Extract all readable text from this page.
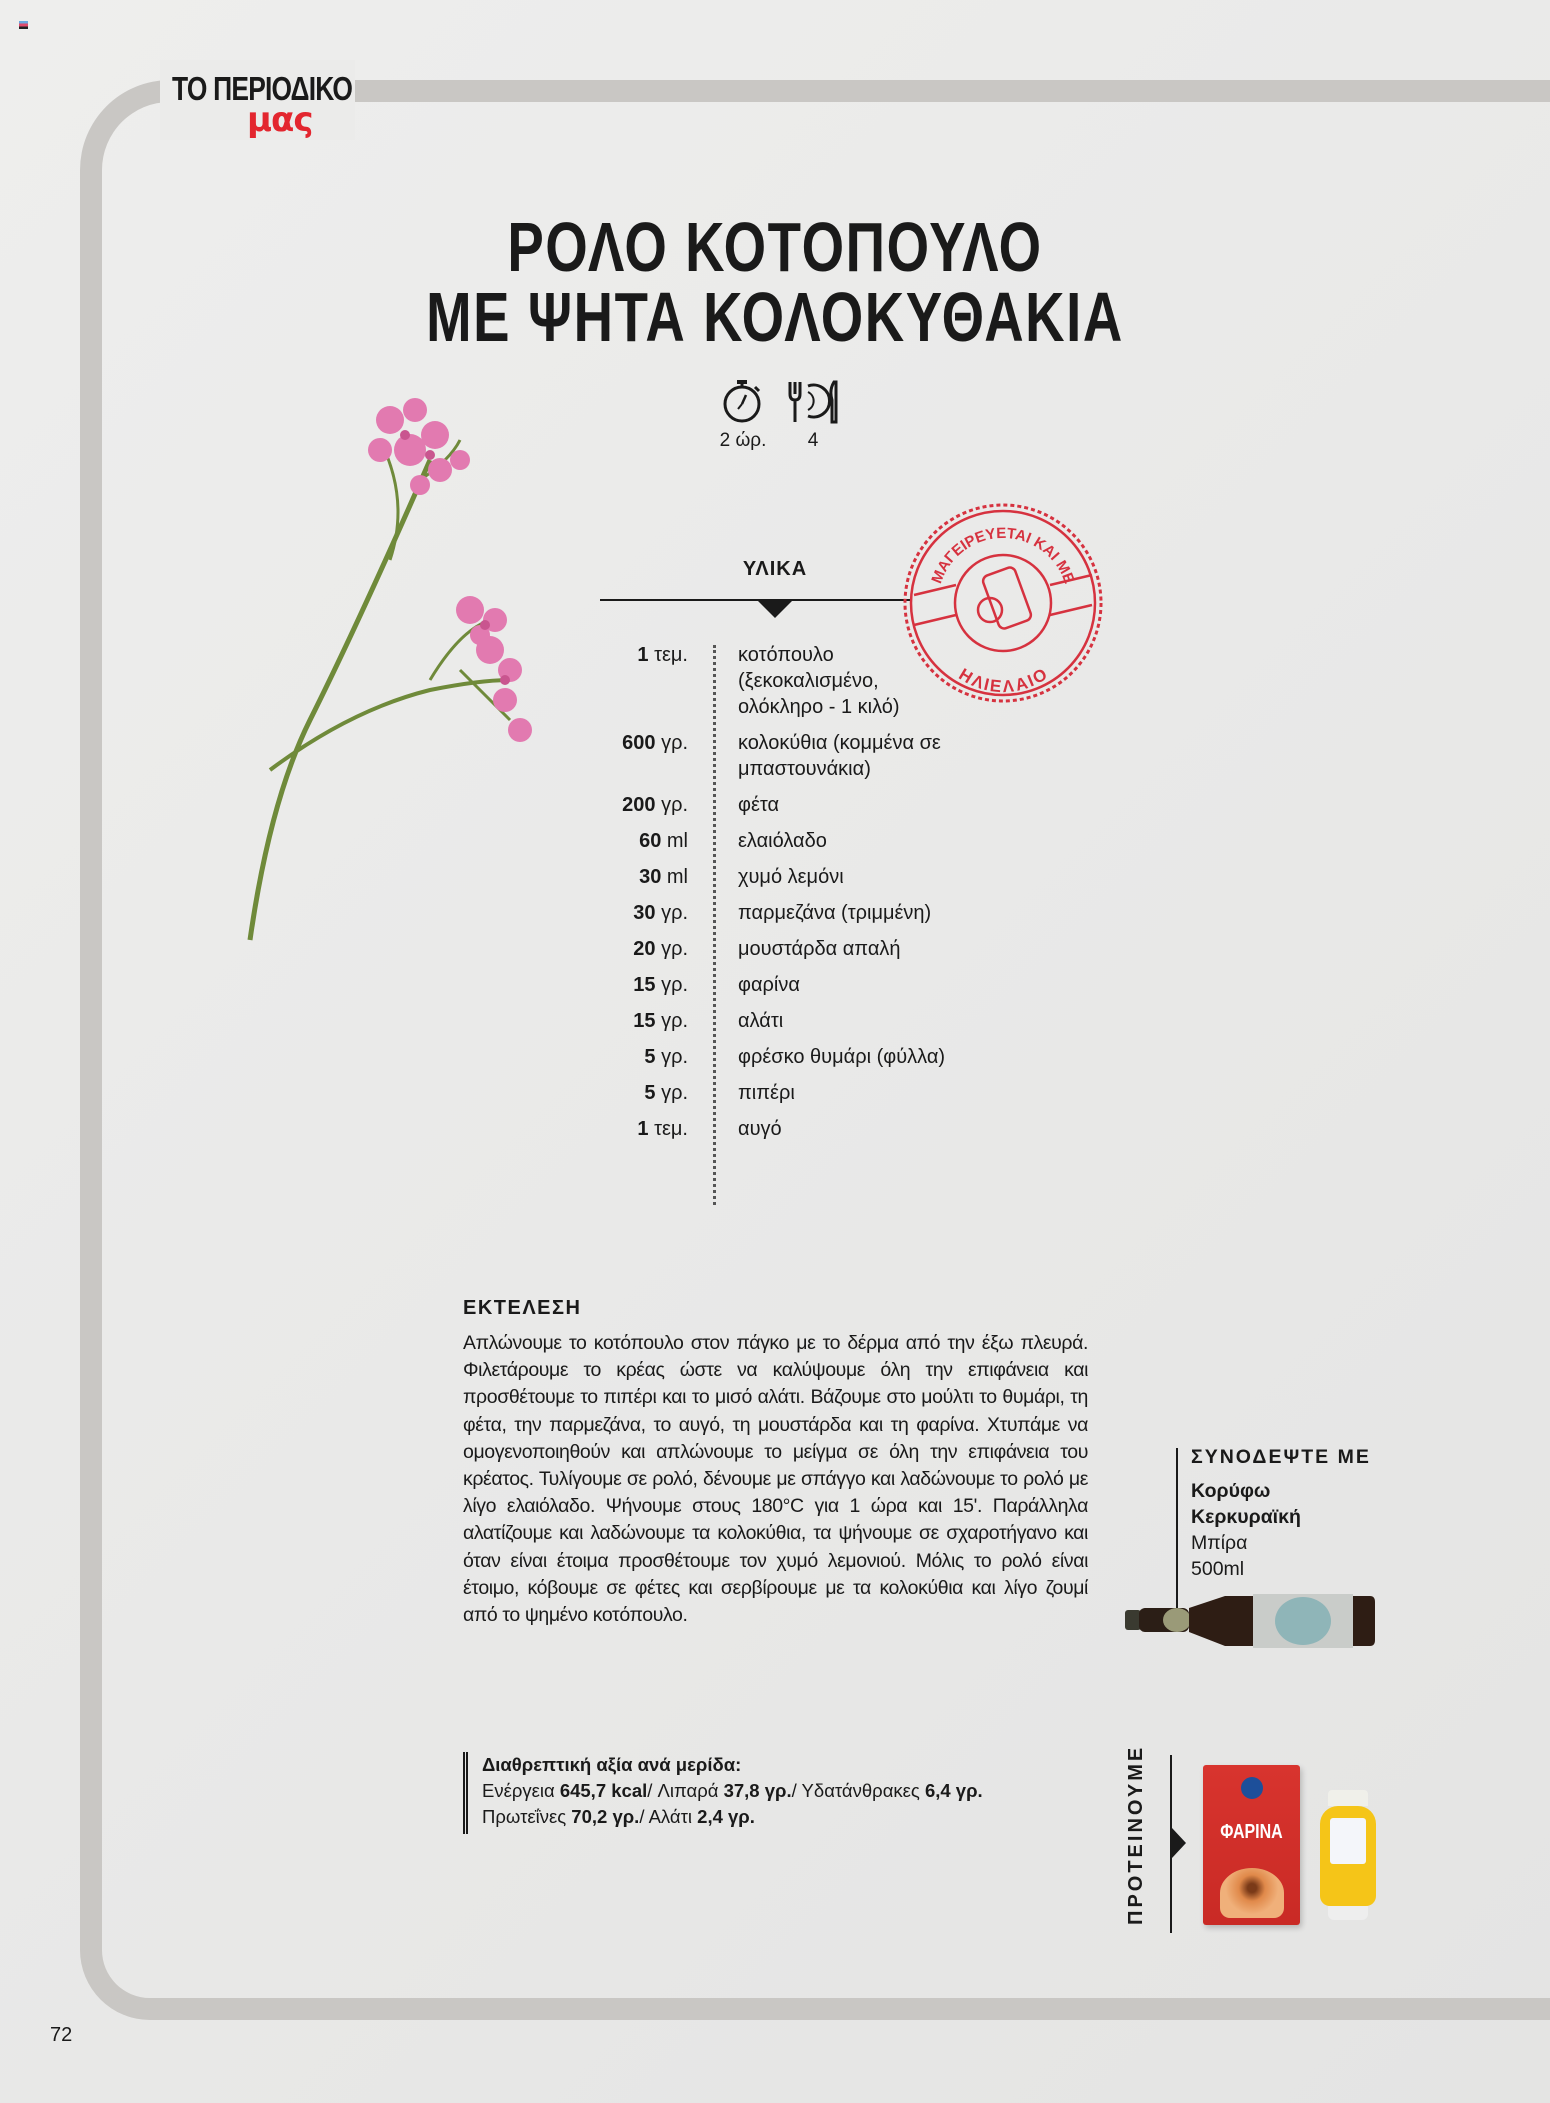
ΤΟ ΠΕΡΙΟΔΙΚΟ
μας
ΡΟΛΟ ΚΟΤΟΠΟΥΛΟ
ΜΕ ΨΗΤΑ ΚΟΛΟΚΥΘΑΚΙΑ
2 ώρ.	4
ΥΛΙΚΑ	ΜΑΓΕΙΡΕΥΕΤΑΙ ΚΑΙ ΜΕ
ΗΛΙΕΛΑΙΟ
1 τεμ.	κοτόπουλο (ξεκοκαλισμένο, ολόκληρο - 1 κιλό)
600 γρ.	κολοκύθια (κομμένα σε μπαστουνάκια)
200 γρ.	φέτα
60 ml	ελαιόλαδο
30 ml	χυμό λεμόνι
30 γρ.	παρμεζάνα (τριμμένη)
20 γρ.	μουστάρδα απαλή
15 γρ.	φαρίνα
15 γρ.	αλάτι
5 γρ.	φρέσκο θυμάρι (φύλλα)
5 γρ.	πιπέρι
1 τεμ.	αυγό
ΕΚΤΕΛΕΣΗ
Απλώνουμε το κοτόπουλο στον πάγκο με το δέρμα από την έξω πλευρά. Φιλετάρουμε το κρέας ώστε να καλύψουμε όλη την επιφάνεια και προσθέτουμε το πιπέρι και το μισό αλάτι. Βάζουμε στο μούλτι το θυμάρι, τη φέτα, την παρμεζάνα, το αυγό, τη μουστάρδα και τη φαρίνα. Χτυπάμε να ομογενοποιηθούν και απλώνουμε το μείγμα σε όλη την επιφάνεια του κρέατος. Τυλίγουμε σε ρολό, δένουμε με σπάγγο και λαδώνουμε το ρολό με λίγο ελαιόλαδο. Ψήνουμε στους 180°C για 1 ώρα και 15'. Παράλληλα αλατίζουμε και λαδώνουμε τα κολοκύθια, τα ψήνουμε σε σχαροτήγανο και όταν είναι έτοιμα προσθέτουμε τον χυμό λεμονιού. Μόλις το ρολό είναι έτοιμο, κόβουμε σε φέτες και σερβίρουμε με τα κολοκύθια και λίγο ζουμί από το ψημένο κοτόπουλο.
Διαθρεπτική αξία ανά μερίδα:
Ενέργεια 645,7 kcal/ Λιπαρά 37,8 γρ./ Υδατάνθρακες 6,4 γρ.
Πρωτεΐνες 70,2 γρ./ Αλάτι 2,4 γρ.
ΣΥΝΟΔΕΨΤΕ ΜΕ
Κορύφω
Κερκυραϊκή
Μπίρα
500ml
ΠΡΟΤΕΙΝΟΥΜΕ	ΦΑΡΙΝΑ
72
